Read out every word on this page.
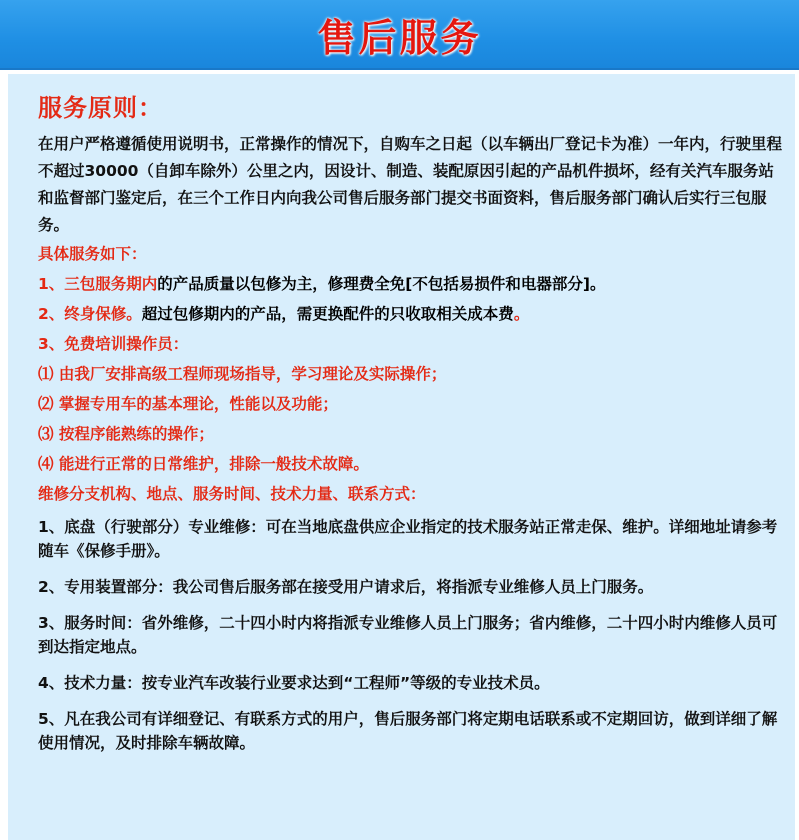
售后服务
服务原则：

在用户严格遵循使用说明书，正常操作的情况下，自购车之日起（以车辆出厂登记卡为准）一年内，行驶里程不超过30000（自卸车除外）公里之内，因设计、制造、装配原因引起的产品机件损坏，经有关汽车服务站和监督部门鉴定后，在三个工作日内向我公司售后服务部门提交书面资料，售后服务部门确认后实行三包服务。

具体服务如下：
1、三包服务期内的产品质量以包修为主，修理费全免[不包括易损件和电器部分]。
2、终身保修。超过包修期内的产品，需更换配件的只收取相关成本费。
3、免费培训操作员：
⑴ 由我厂安排高级工程师现场指导，学习理论及实际操作；
⑵ 掌握专用车的基本理论，性能以及功能；
⑶ 按程序能熟练的操作；
⑷ 能进行正常的日常维护，排除一般技术故障。
维修分支机构、地点、服务时间、技术力量、联系方式：

1、底盘（行驶部分）专业维修：可在当地底盘供应企业指定的技术服务站正常走保、维护。详细地址请参考随车《保修手册》。

2、专用装置部分：我公司售后服务部在接受用户请求后，将指派专业维修人员上门服务。

3、服务时间：省外维修，二十四小时内将指派专业维修人员上门服务；省内维修，二十四小时内维修人员可到达指定地点。

4、技术力量：按专业汽车改装行业要求达到“工程师”等级的专业技术员。

5、凡在我公司有详细登记、有联系方式的用户，售后服务部门将定期电话联系或不定期回访，做到详细了解使用情况，及时排除车辆故障。
